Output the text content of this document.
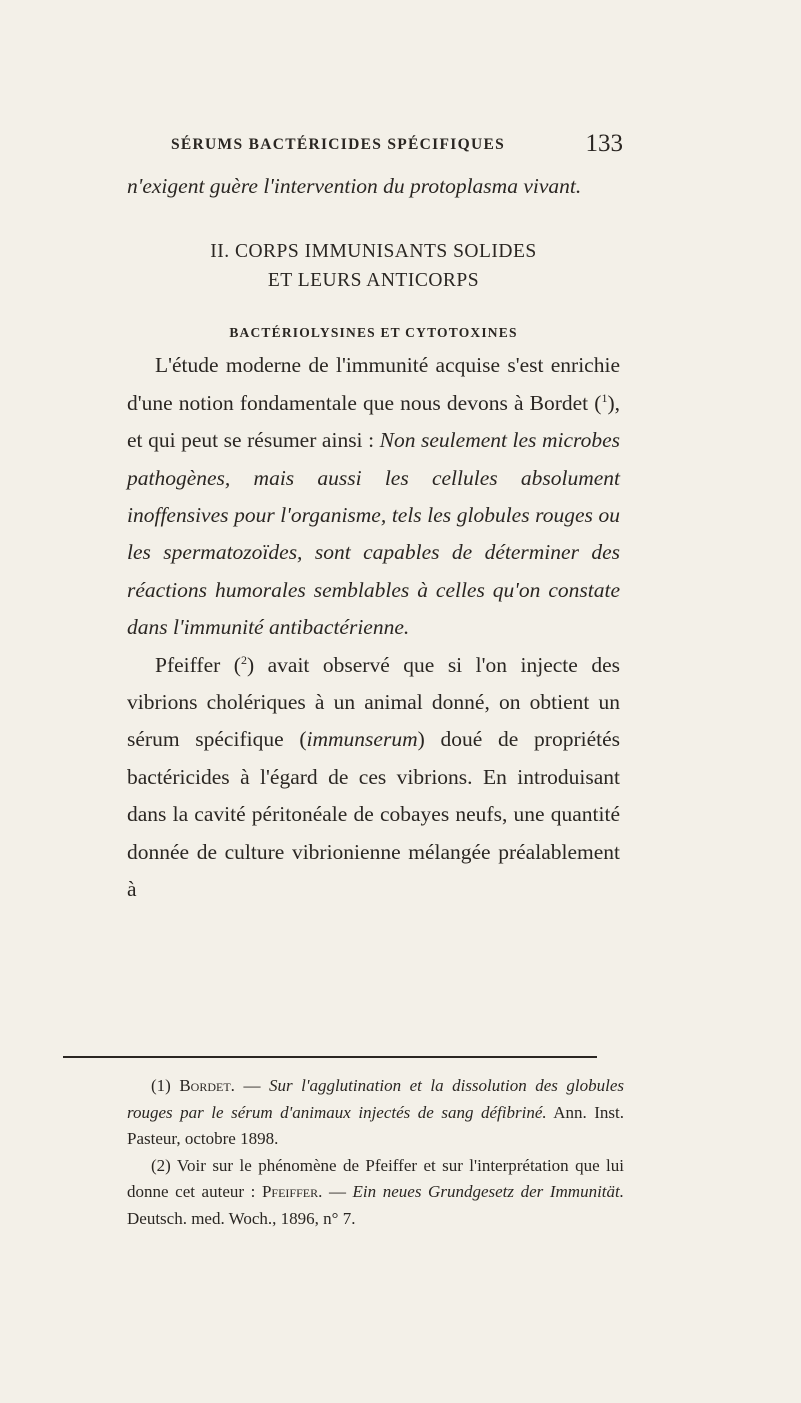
SÉRUMS BACTÉRICIDES SPÉCIFIQUES	133

n'exigent guère l'intervention du protoplasma vivant.

II. CORPS IMMUNISANTS SOLIDES
ET LEURS ANTICORPS
BACTÉRIOLYSINES ET CYTOTOXINES

L'étude moderne de l'immunité acquise s'est enrichie d'une notion fondamentale que nous devons à Bordet ($^1$), et qui peut se résumer ainsi : Non seulement les microbes pathogènes, mais aussi les cellules absolument inoffensives pour l'organisme, tels les globules rouges ou les spermatozoïdes, sont capables de déterminer des réactions humorales semblables à celles qu'on constate dans l'immunité antibactérienne.

Pfeiffer ($^2$) avait observé que si l'on injecte des vibrions cholériques à un animal donné, on obtient un sérum spécifique (immunserum) doué de propriétés bactéricides à l'égard de ces vibrions. En introduisant dans la cavité péritonéale de cobayes neufs, une quantité donnée de culture vibrionienne mélangée préalablement à

(1) Bordet. — Sur l'agglutination et la dissolution des globules rouges par le sérum d'animaux injectés de sang défibriné. Ann. Inst. Pasteur, octobre 1898.

(2) Voir sur le phénomène de Pfeiffer et sur l'interprétation que lui donne cet auteur : Pfeiffer. — Ein neues Grundgesetz der Immunität. Deutsch. med. Woch., 1896, n° 7.
